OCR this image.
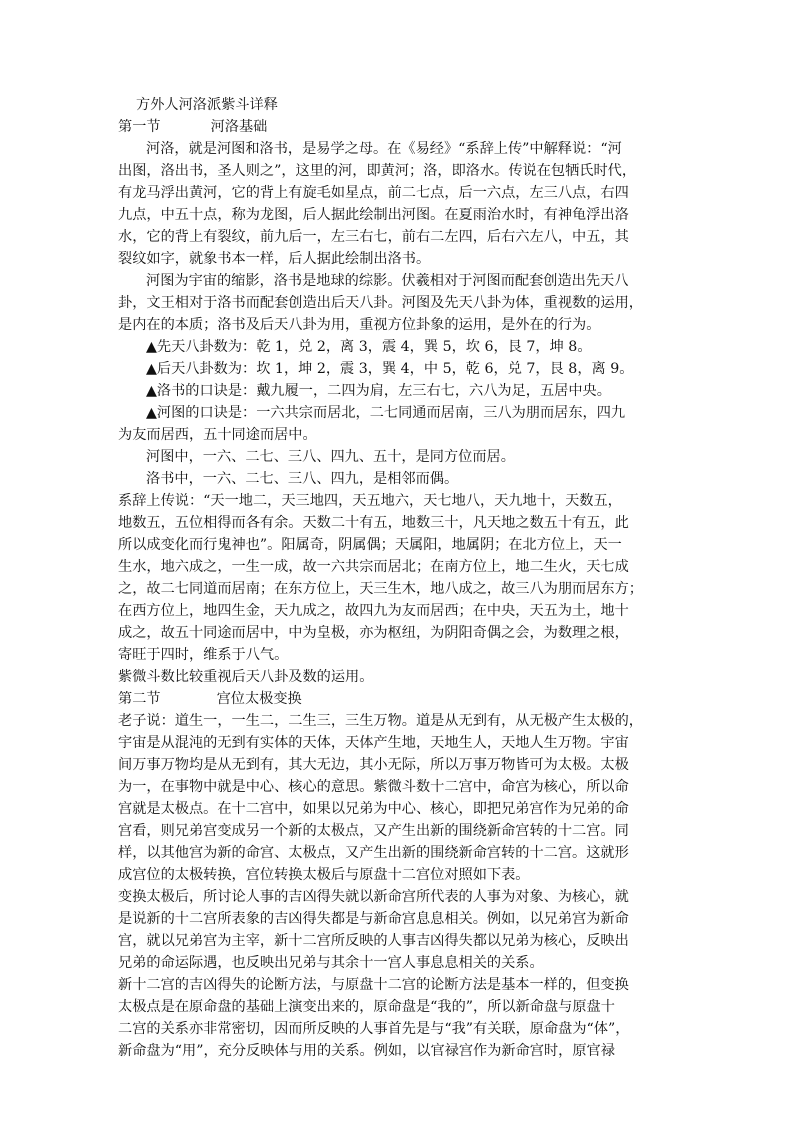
方外人河洛派紫斗详释
第一节	河洛基础
河洛，就是河图和洛书，是易学之母。在《易经》“系辞上传”中解释说：“河
出图，洛出书，圣人则之”，这里的河，即黄河；洛，即洛水。传说在包牺氏时代，
有龙马浮出黄河，它的背上有旋毛如星点，前二七点，后一六点，左三八点，右四
九点，中五十点，称为龙图，后人据此绘制出河图。在夏雨治水时，有神龟浮出洛
水，它的背上有裂纹，前九后一，左三右七，前右二左四，后右六左八，中五，其
裂纹如字，就象书本一样，后人据此绘制出洛书。
河图为宇宙的缩影，洛书是地球的综影。伏羲相对于河图而配套创造出先天八
卦，文王相对于洛书而配套创造出后天八卦。河图及先天八卦为体，重视数的运用，
是内在的本质；洛书及后天八卦为用，重视方位卦象的运用，是外在的行为。
▲先天八卦数为：乾 1，兑 2，离 3，震 4，巽 5，坎 6，艮 7，坤 8。
▲后天八卦数为：坎 1，坤 2，震 3，巽 4，中 5，乾 6，兑 7，艮 8，离 9。
▲洛书的口诀是：戴九履一，二四为肩，左三右七，六八为足，五居中央。
▲河图的口诀是：一六共宗而居北，二七同通而居南，三八为朋而居东，四九
为友而居西，五十同途而居中。
河图中，一六、二七、三八、四九、五十，是同方位而居。
洛书中，一六、二七、三八、四九，是相邻而偶。
系辞上传说：“天一地二，天三地四，天五地六，天七地八，天九地十，天数五，
地数五，五位相得而各有余。天数二十有五，地数三十，凡天地之数五十有五，此
所以成变化而行鬼神也”。阳属奇，阴属偶；天属阳，地属阴；在北方位上，天一
生水，地六成之，一生一成，故一六共宗而居北；在南方位上，地二生火，天七成
之，故二七同道而居南；在东方位上，天三生木，地八成之，故三八为朋而居东方；
在西方位上，地四生金，天九成之，故四九为友而居西；在中央，天五为土，地十
成之，故五十同途而居中，中为皇极，亦为枢纽，为阴阳奇偶之会，为数理之根，
寄旺于四时，维系于八气。
紫微斗数比较重视后天八卦及数的运用。
第二节	宫位太极变换
老子说：道生一，一生二，二生三，三生万物。道是从无到有，从无极产生太极的，
宇宙是从混沌的无到有实体的天体，天体产生地，天地生人，天地人生万物。宇宙
间万事万物均是从无到有，其大无边，其小无际，所以万事万物皆可为太极。太极
为一，在事物中就是中心、核心的意思。紫微斗数十二宫中，命宫为核心，所以命
宫就是太极点。在十二宫中，如果以兄弟为中心、核心，即把兄弟宫作为兄弟的命
宫看，则兄弟宫变成另一个新的太极点，又产生出新的围绕新命宫转的十二宫。同
样，以其他宫为新的命宫、太极点，又产生出新的围绕新命宫转的十二宫。这就形
成宫位的太极转换，宫位转换太极后与原盘十二宫位对照如下表。
变换太极后，所讨论人事的吉凶得失就以新命宫所代表的人事为对象、为核心，就
是说新的十二宫所表象的吉凶得失都是与新命宫息息相关。例如，以兄弟宫为新命
宫，就以兄弟宫为主宰，新十二宫所反映的人事吉凶得失都以兄弟为核心，反映出
兄弟的命运际遇，也反映出兄弟与其余十一宫人事息息相关的关系。
新十二宫的吉凶得失的论断方法，与原盘十二宫的论断方法是基本一样的，但变换
太极点是在原命盘的基础上演变出来的，原命盘是“我的”，所以新命盘与原盘十
二宫的关系亦非常密切，因而所反映的人事首先是与“我”有关联，原命盘为“体”，
新命盘为“用”，充分反映体与用的关系。例如，以官禄宫作为新命宫时，原官禄
